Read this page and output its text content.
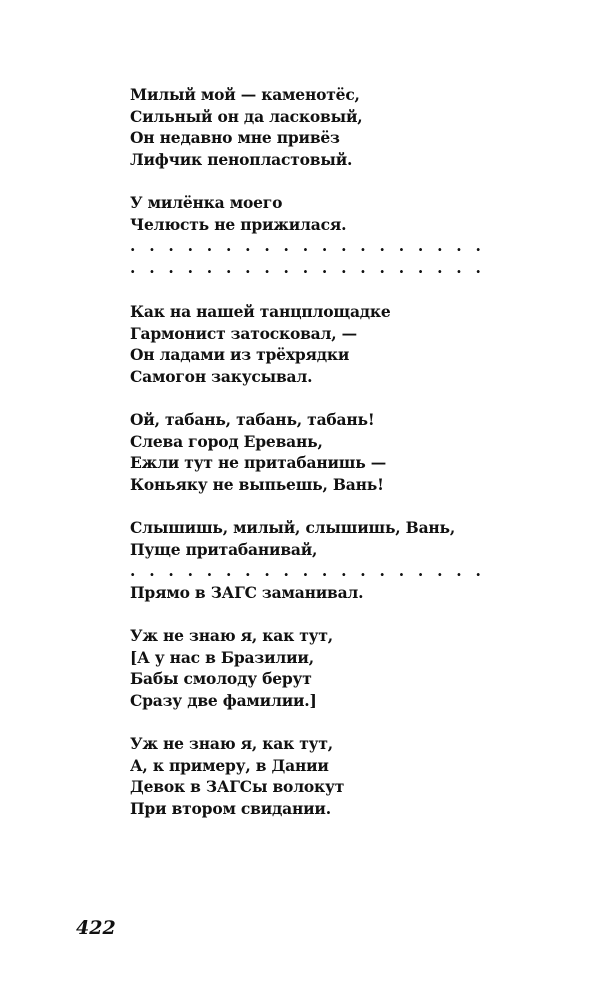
Милый мой — каменотёс,
Сильный он да ласковый,
Он недавно мне привёз
Лифчик пенопластовый.
У милёнка моего
Челюсть не прижилася.
. . . . . . . . . . . . . . . . . . .
. . . . . . . . . . . . . . . . . . .
Как на нашей танцплощадке
Гармонист затосковал, —
Он ладами из трёхрядки
Самогон закусывал.
Ой, табань, табань, табань!
Слева город Еревань,
Ежли тут не притабанишь —
Коньяку не выпьешь, Вань!
Слышишь, милый, слышишь, Вань,
Пуще притабанивай,
. . . . . . . . . . . . . . . . . . .
Прямо в ЗАГС заманивал.
Уж не знаю я, как тут,
[А у нас в Бразилии,
Бабы смолоду берут
Сразу две фамилии.]
Уж не знаю я, как тут,
А, к примеру, в Дании
Девок в ЗАГСы волокут
При втором свидании.
422
